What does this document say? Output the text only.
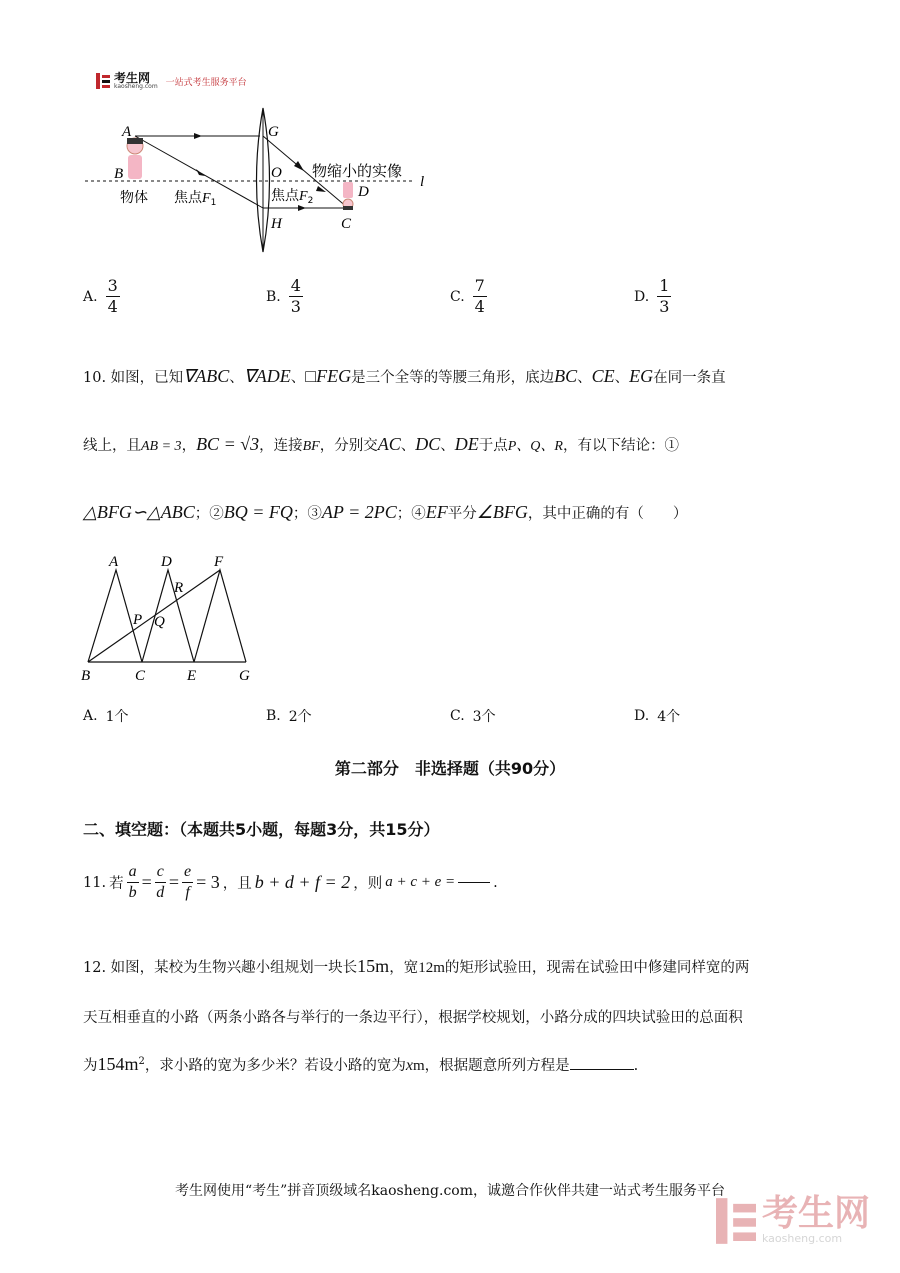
考生网
kaosheng.com 一站式考生服务平台
A
B
G
O
H	C
D
l
物体
物缩小的实像
焦点$F_1$	焦点$F_2$
A. $\frac{3}{4}$	B. $\frac{4}{3}$	C. $\frac{7}{4}$	D. $\frac{1}{3}$
10. 如图，已知∇ABC、∇ADE、□FEG是三个全等的等腰三角形，底边BC、CE、EG在同一条直
线上，且AB = 3，BC = √3，连接BF，分别交AC、DC、DE于点P、Q、R，有以下结论：①
△BFG∽△ABC；②BQ = FQ；③AP = 2PC；④EF平分∠BFG，其中正确的有（　　）
A	D	F
R
P Q
B	C	E	G
A. 1个	B. 2个	C. 3个	D. 4个
第二部分　非选择题（共90分）
二、填空题：（本题共5小题，每题3分，共15分）
11. 若 $\frac{a}{b} = \frac{c}{d} = \frac{e}{f} = 3$ ，且 b + d + f = 2 ，则 a + c + e =	.
12. 如图，某校为生物兴趣小组规划一块长15m，宽12m的矩形试验田，现需在试验田中修建同样宽的两
天互相垂直的小路（两条小路各与举行的一条边平行），根据学校规划，小路分成的四块试验田的总面积
为$154m^2$，求小路的宽为多少米？若设小路的宽为xm，根据题意所列方程是	.
考生网使用“考生”拼音顶级域名kaosheng.com，诚邀合作伙伴共建一站式考生服务平台
考生网
kaosheng.com
